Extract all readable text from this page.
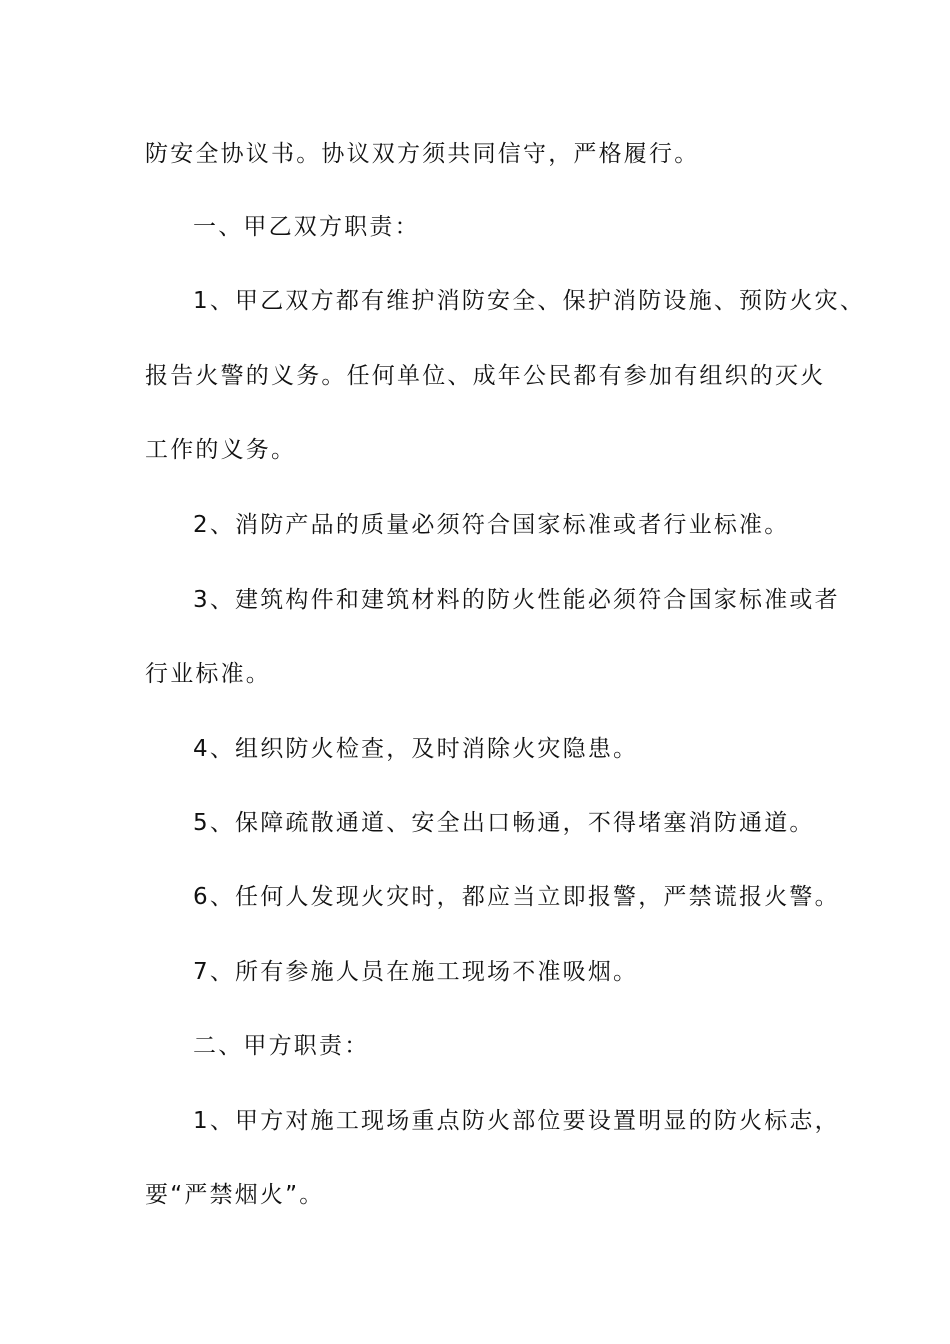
防安全协议书。协议双方须共同信守，严格履行。
一、甲乙双方职责：
1、甲乙双方都有维护消防安全、保护消防设施、预防火灾、
报告火警的义务。任何单位、成年公民都有参加有组织的灭火
工作的义务。
2、消防产品的质量必须符合国家标准或者行业标准。
3、建筑构件和建筑材料的防火性能必须符合国家标准或者
行业标准。
4、组织防火检查，及时消除火灾隐患。
5、保障疏散通道、安全出口畅通，不得堵塞消防通道。
6、任何人发现火灾时，都应当立即报警，严禁谎报火警。
7、所有参施人员在施工现场不准吸烟。
二、甲方职责：
1、甲方对施工现场重点防火部位要设置明显的防火标志，
要“严禁烟火”。
